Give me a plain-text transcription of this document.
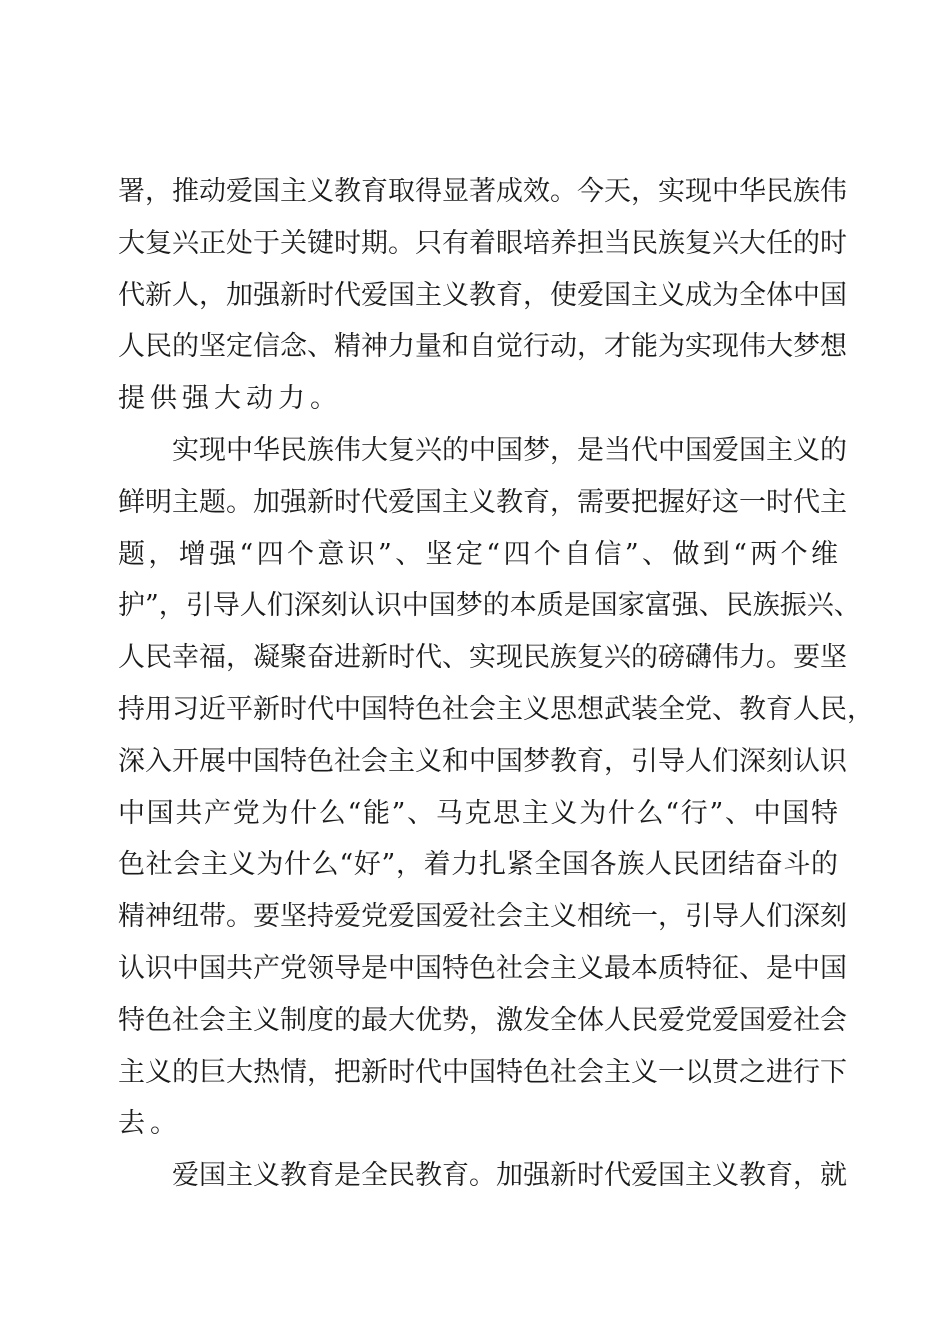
署，推动爱国主义教育取得显著成效。今天，实现中华民族伟
大复兴正处于关键时期。只有着眼培养担当民族复兴大任的时
代新人，加强新时代爱国主义教育，使爱国主义成为全体中国
人民的坚定信念、精神力量和自觉行动，才能为实现伟大梦想
提供强大动力。
实现中华民族伟大复兴的中国梦，是当代中国爱国主义的
鲜明主题。加强新时代爱国主义教育，需要把握好这一时代主
题，增强“四个意识”、坚定“四个自信”、做到“两个维
护”，引导人们深刻认识中国梦的本质是国家富强、民族振兴、
人民幸福，凝聚奋进新时代、实现民族复兴的磅礴伟力。要坚
持用习近平新时代中国特色社会主义思想武装全党、教育人民，
深入开展中国特色社会主义和中国梦教育，引导人们深刻认识
中国共产党为什么“能”、马克思主义为什么“行”、中国特
色社会主义为什么“好”，着力扎紧全国各族人民团结奋斗的
精神纽带。要坚持爱党爱国爱社会主义相统一，引导人们深刻
认识中国共产党领导是中国特色社会主义最本质特征、是中国
特色社会主义制度的最大优势，激发全体人民爱党爱国爱社会
主义的巨大热情，把新时代中国特色社会主义一以贯之进行下
去。
爱国主义教育是全民教育。加强新时代爱国主义教育，就
